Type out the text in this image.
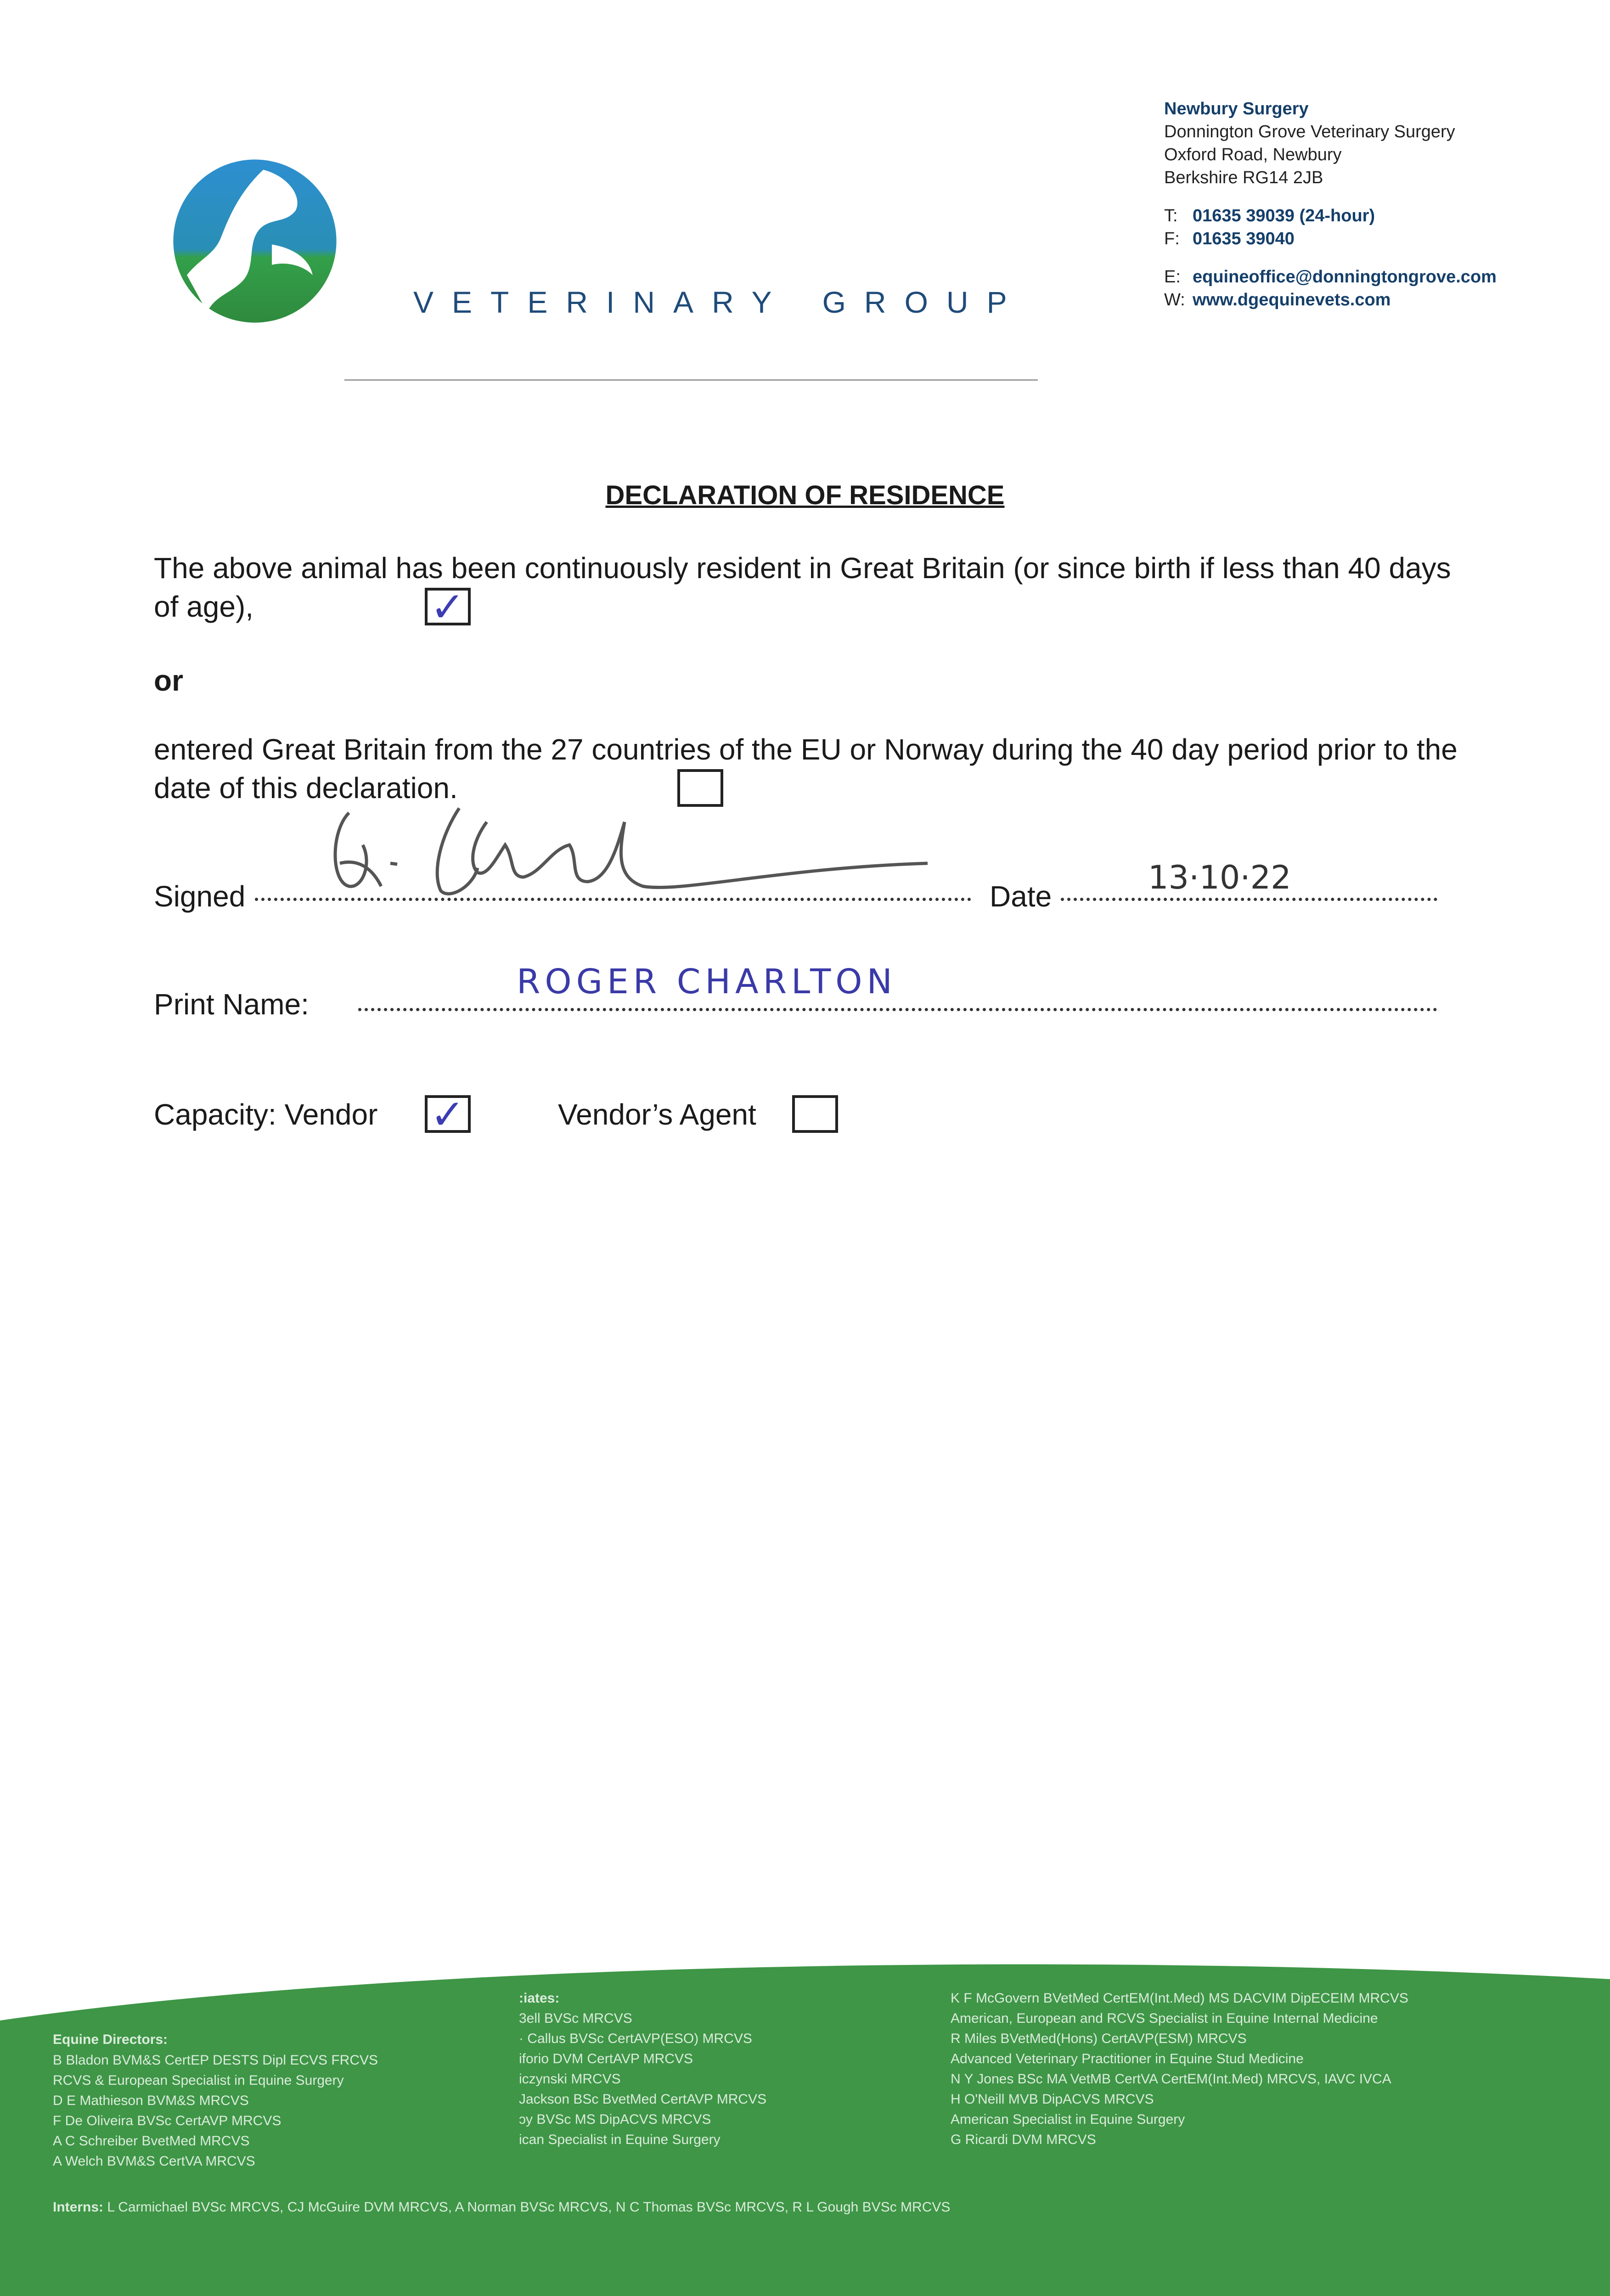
VETERINARY GROUP
Newbury Surgery
Donnington Grove Veterinary Surgery
Oxford Road, Newbury
Berkshire RG14 2JB
T: 01635 39039 (24-hour)
F: 01635 39040
E: equineoffice@donningtongrove.com
W: www.dgequinevets.com
DECLARATION OF RESIDENCE
The above animal has been continuously resident in Great Britain (or since birth if less than 40 days of age),	✓
or
entered Great Britain from the 27 countries of the EU or Norway during the 40 day period prior to the date of this declaration.
Signed	Date	13·10·22
Print Name:
ROGER CHARLTON
Capacity: Vendor ✓	Vendor’s Agent
Equine Directors:
B Bladon BVM&S CertEP DESTS Dipl ECVS FRCVS
RCVS & European Specialist in Equine Surgery
D E Mathieson BVM&S MRCVS
F De Oliveira BVSc CertAVP MRCVS
A C Schreiber BvetMed MRCVS
A Welch BVM&S CertVA MRCVS
:iates:
3ell BVSc MRCVS
· Callus BVSc CertAVP(ESO) MRCVS
iforio DVM CertAVP MRCVS
iczynski MRCVS
Jackson BSc BvetMed CertAVP MRCVS
ɔy BVSc MS DipACVS MRCVS
ican Specialist in Equine Surgery
K F McGovern BVetMed CertEM(Int.Med) MS DACVIM DipECEIM MRCVS
American, European and RCVS Specialist in Equine Internal Medicine
R Miles BVetMed(Hons) CertAVP(ESM) MRCVS
Advanced Veterinary Practitioner in Equine Stud Medicine
N Y Jones BSc MA VetMB CertVA CertEM(Int.Med) MRCVS, IAVC IVCA
H O'Neill MVB DipACVS MRCVS
American Specialist in Equine Surgery
G Ricardi DVM MRCVS
Interns: L Carmichael BVSc MRCVS, CJ McGuire DVM MRCVS, A Norman BVSc MRCVS, N C Thomas BVSc MRCVS, R L Gough BVSc MRCVS
